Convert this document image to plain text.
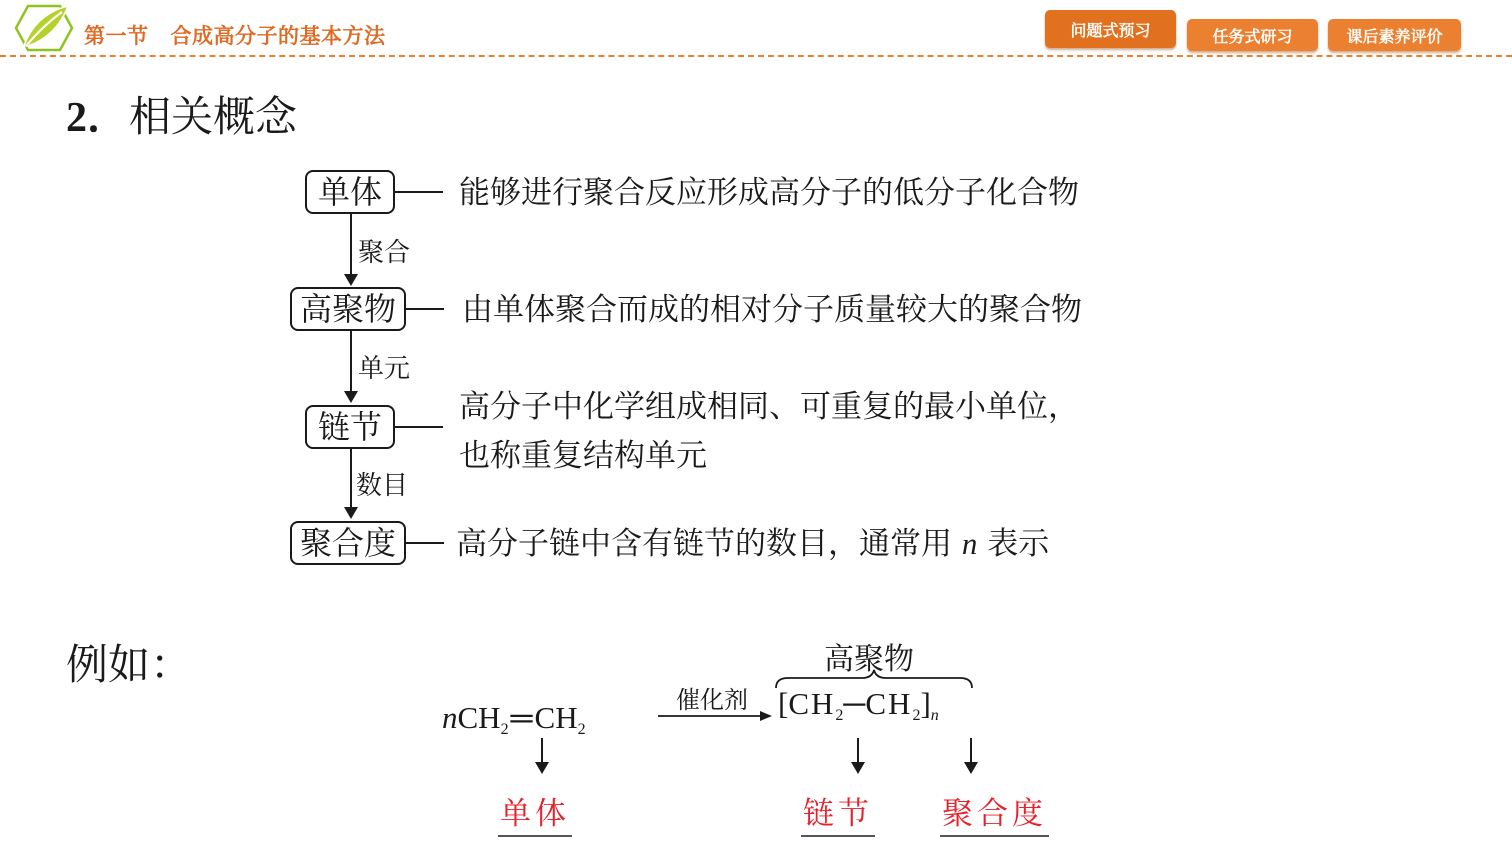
第一节 合成高分子的基本方法	问题式预习	任务式研习	课后素养评价
2．相关概念
单体	能够进行聚合反应形成高分子的低分子化合物
聚合
高聚物	由单体聚合而成的相对分子质量较大的聚合物
单元
链节
高分子中化学组成相同、可重复的最小单位，
也称重复结构单元
数目
聚合度	高分子链中含有链节的数目，通常用 n 表示
例如：
$nCH_2═CH_2$
催化剂
高聚物
$[CH_2─CH_2]_n$
单体	链节 聚合度
